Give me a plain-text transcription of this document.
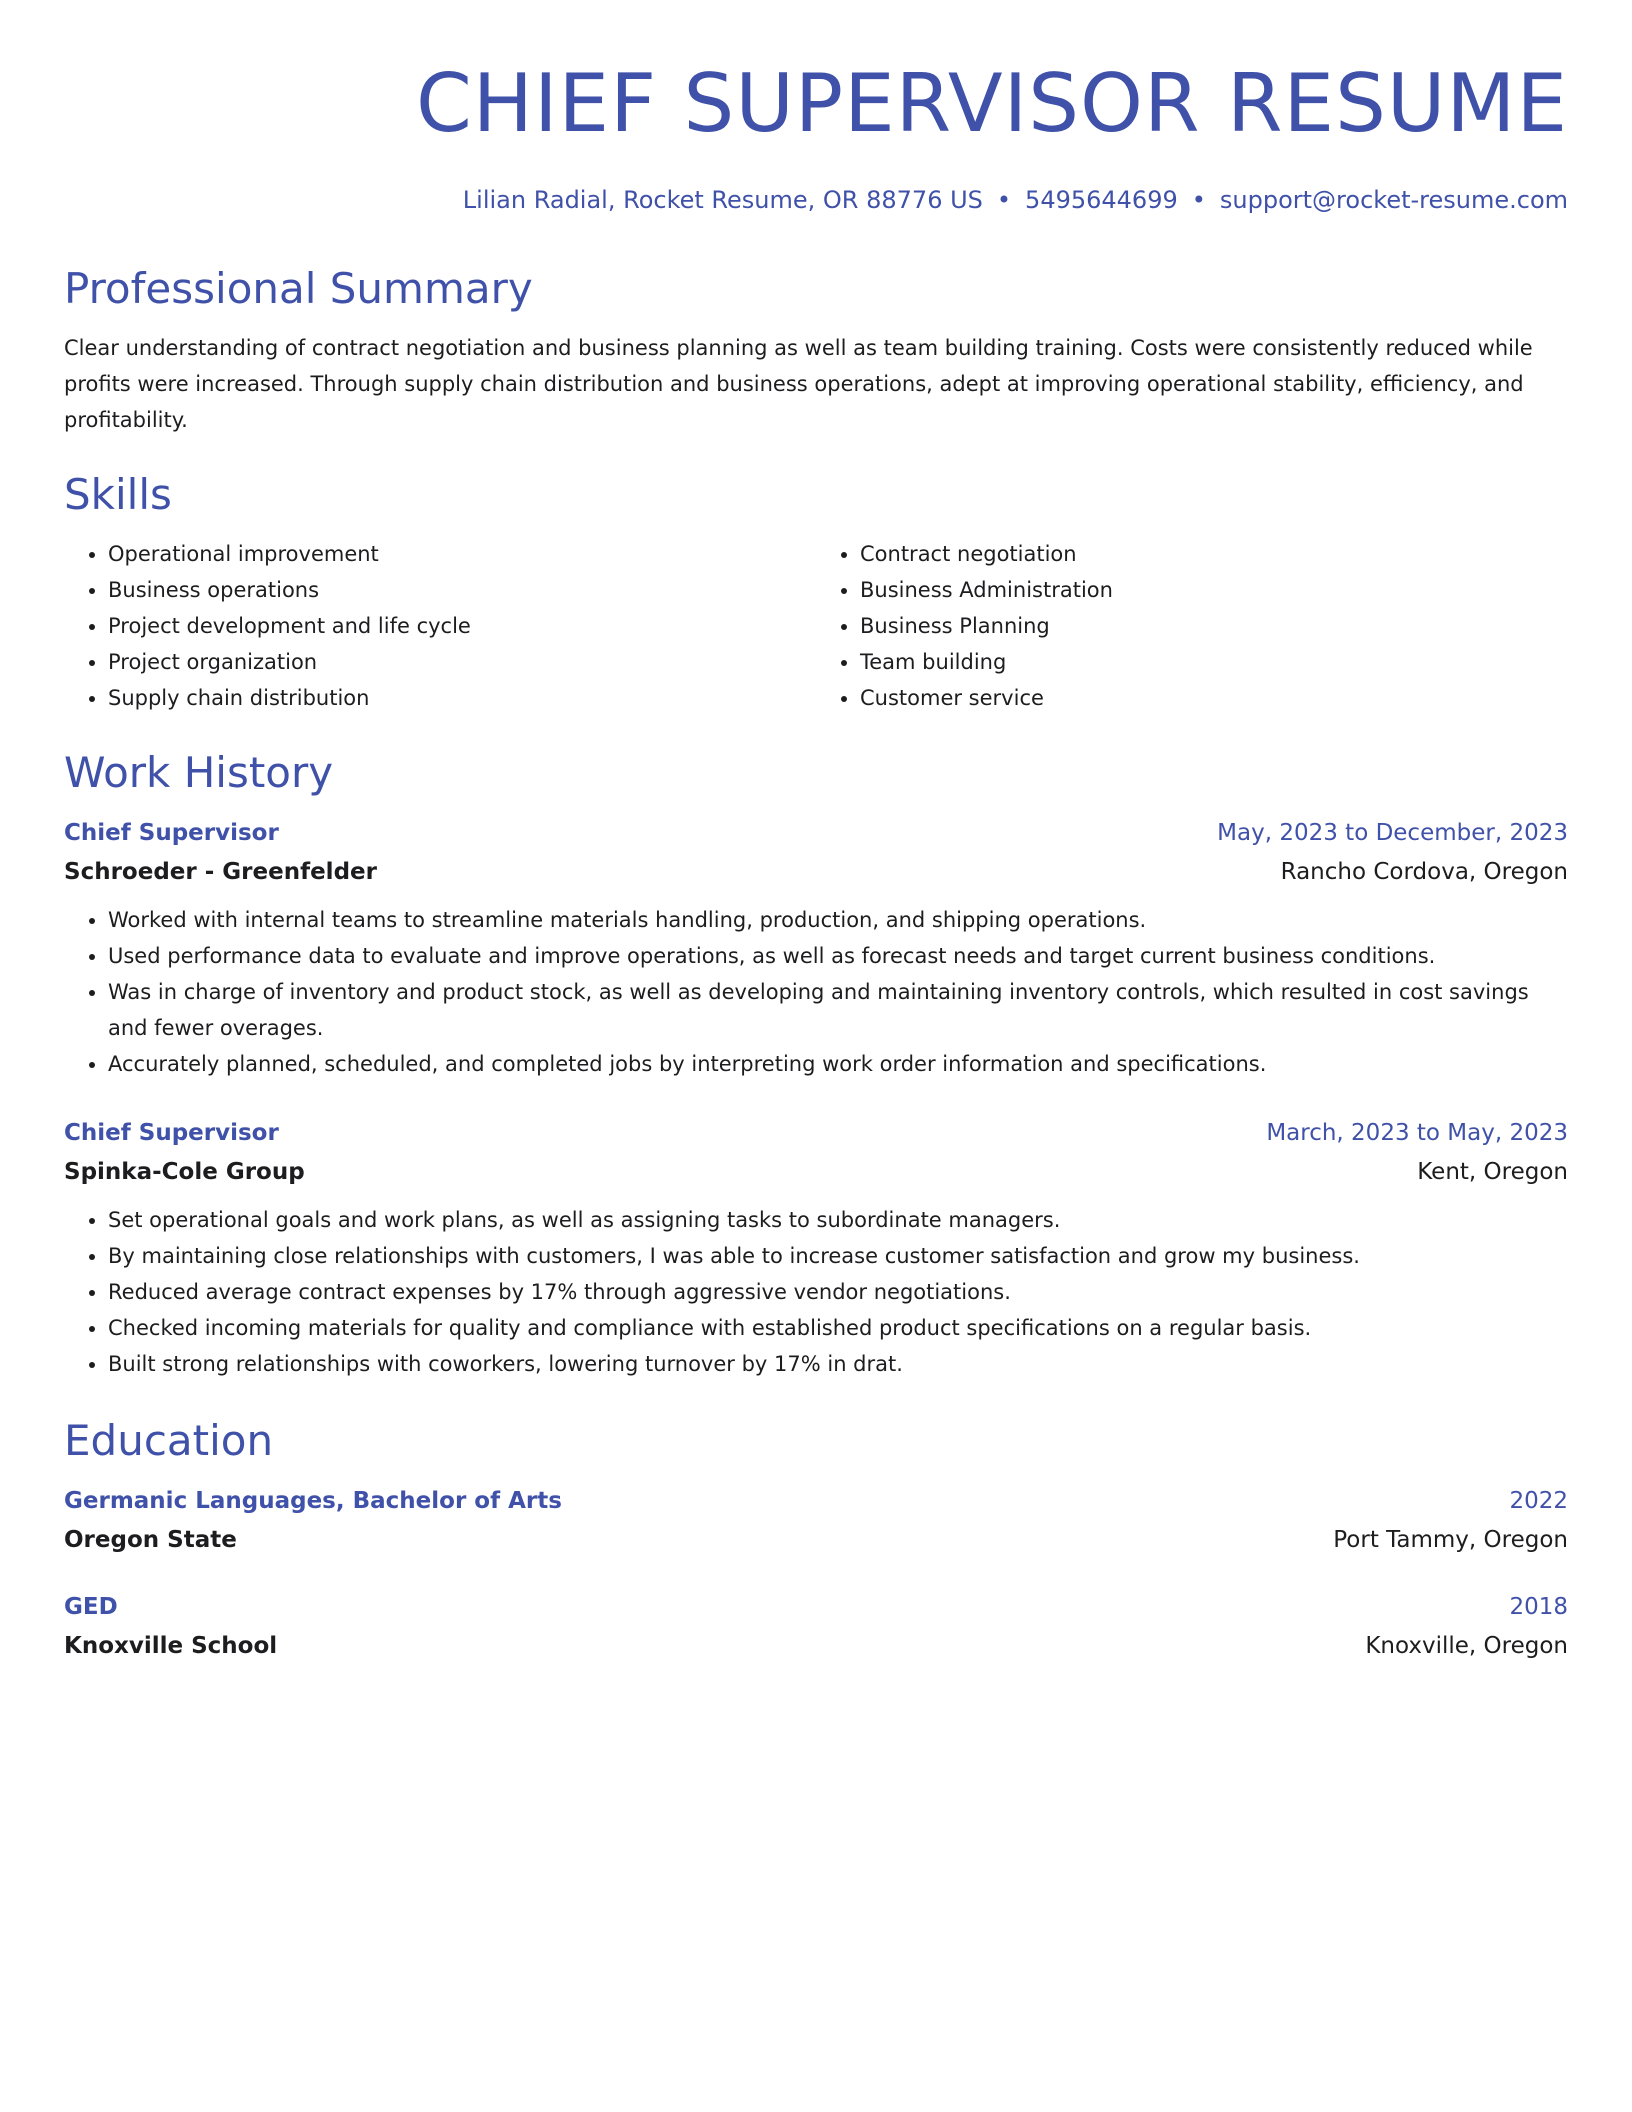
CHIEF SUPERVISOR RESUME
Lilian Radial, Rocket Resume, OR 88776 US • 5495644699 • support@rocket-resume.com
Professional Summary

Clear understanding of contract negotiation and business planning as well as team building training. Costs were consistently reduced while profits were increased. Through supply chain distribution and business operations, adept at improving operational stability, efficiency, and profitability.

Skills
• Operational improvement
• Business operations
• Project development and life cycle
• Project organization
• Supply chain distribution
• Contract negotiation
• Business Administration
• Business Planning
• Team building
• Customer service
Work History
Chief Supervisor	May, 2023 to December, 2023
Schroeder - Greenfelder	Rancho Cordova, Oregon
• Worked with internal teams to streamline materials handling, production, and shipping operations.
• Used performance data to evaluate and improve operations, as well as forecast needs and target current business conditions.
• Was in charge of inventory and product stock, as well as developing and maintaining inventory controls, which resulted in cost savings and fewer overages.
• Accurately planned, scheduled, and completed jobs by interpreting work order information and specifications.
Chief Supervisor	March, 2023 to May, 2023
Spinka-Cole Group	Kent, Oregon
• Set operational goals and work plans, as well as assigning tasks to subordinate managers.
• By maintaining close relationships with customers, I was able to increase customer satisfaction and grow my business.
• Reduced average contract expenses by 17% through aggressive vendor negotiations.
• Checked incoming materials for quality and compliance with established product specifications on a regular basis.
• Built strong relationships with coworkers, lowering turnover by 17% in drat.
Education
Germanic Languages, Bachelor of Arts	2022
Oregon State	Port Tammy, Oregon
GED	2018
Knoxville School	Knoxville, Oregon
